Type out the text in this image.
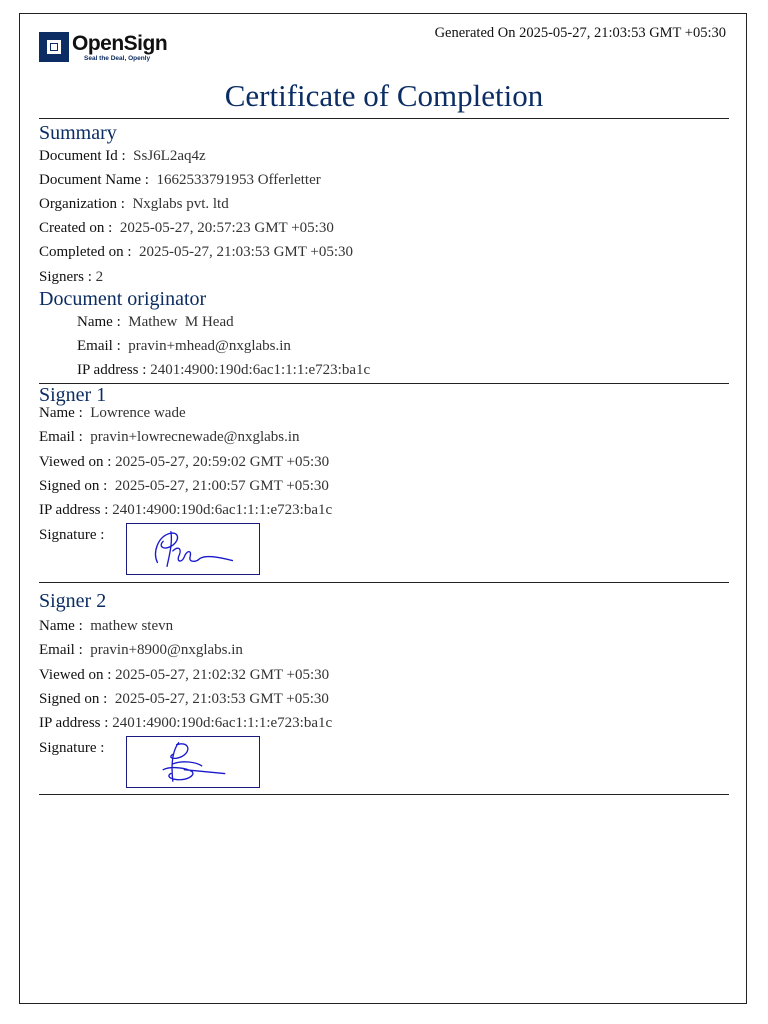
OpenSign
Seal the Deal, Openly
Generated On 2025-05-27, 21:03:53 GMT +05:30
Certificate of Completion
Summary
Document Id : SsJ6L2aq4z
Document Name : 1662533791953 Offerletter
Organization : Nxglabs pvt. ltd
Created on : 2025-05-27, 20:57:23 GMT +05:30
Completed on : 2025-05-27, 21:03:53 GMT +05:30
Signers : 2
Document originator
Name : Mathew  M Head
Email : pravin+mhead@nxglabs.in
IP address : 2401:4900:190d:6ac1:1:1:e723:ba1c
Signer 1
Name : Lowrence wade
Email : pravin+lowrecnewade@nxglabs.in
Viewed on : 2025-05-27, 20:59:02 GMT +05:30
Signed on : 2025-05-27, 21:00:57 GMT +05:30
IP address : 2401:4900:190d:6ac1:1:1:e723:ba1c
Signature :
Signer 2
Name : mathew stevn
Email : pravin+8900@nxglabs.in
Viewed on : 2025-05-27, 21:02:32 GMT +05:30
Signed on : 2025-05-27, 21:03:53 GMT +05:30
IP address : 2401:4900:190d:6ac1:1:1:e723:ba1c
Signature :
